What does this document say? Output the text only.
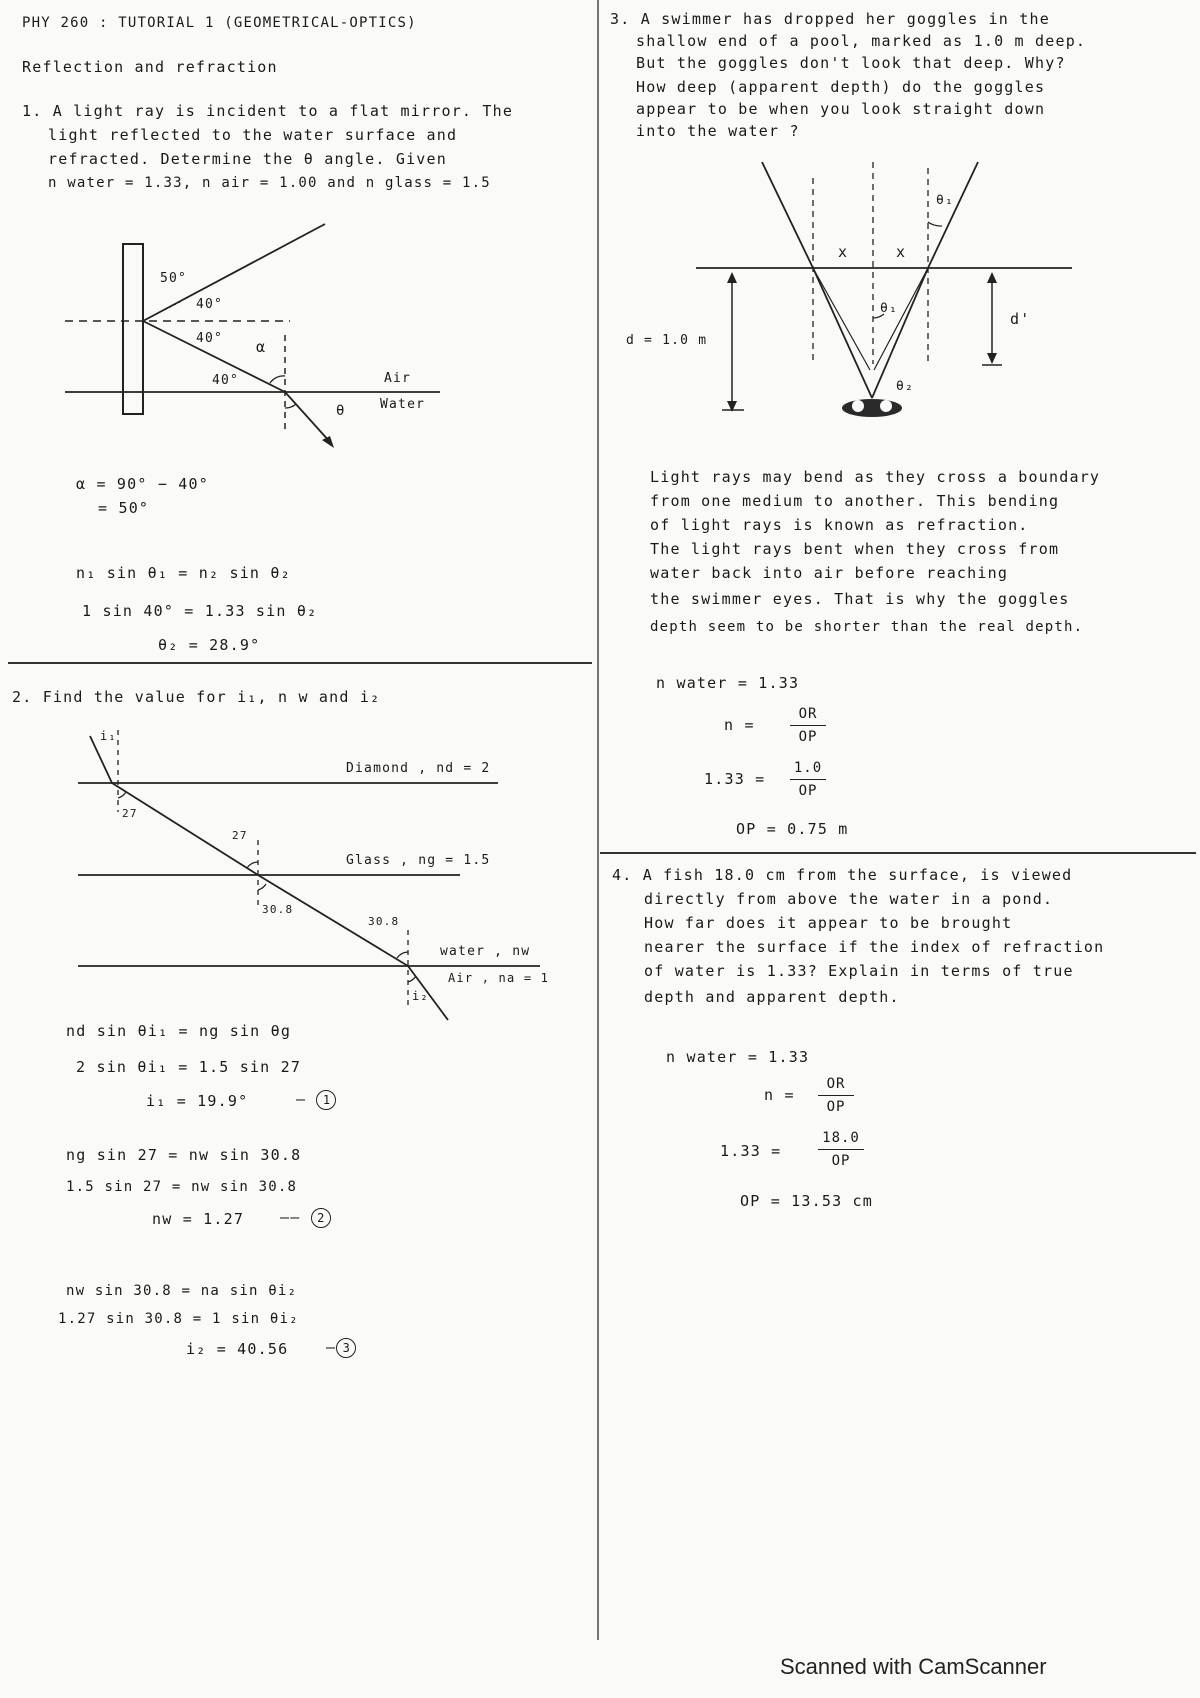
PHY 260 : TUTORIAL 1 (GEOMETRICAL-OPTICS)
Reflection and refraction
1. A light ray is incident to a flat mirror. The
light reflected to the water surface and
refracted. Determine the θ angle. Given
n water = 1.33, n air = 1.00 and n glass = 1.5
50°
40°
40° α
40°
θ
Air
Water
α = 90° − 40°
= 50°
n₁ sin θ₁ = n₂ sin θ₂
1 sin 40° = 1.33 sin θ₂
θ₂ = 28.9°
2. Find the value for i₁, n w and i₂
i₁
27
27
30.8
30.8
i₂
Diamond , nd = 2
Glass , ng = 1.5
water , nw
Air , na = 1
nd sin θi₁ = ng sin θg
2 sin θi₁ = 1.5 sin 27
i₁ = 19.9°	— 1
ng sin 27 = nw sin 30.8
1.5 sin 27 = nw sin 30.8
nw = 1.27 —— 2
nw sin 30.8 = na sin θi₂
1.27 sin 30.8 = 1 sin θi₂
i₂ = 40.56	— 3
3. A swimmer has dropped her goggles in the
shallow end of a pool, marked as 1.0 m deep.
But the goggles don't look that deep. Why?
How deep (apparent depth) do the goggles
appear to be when you look straight down
into the water ?
d = 1.0 m
d'
x	x
θ₁
θ₁
θ₂
Light rays may bend as they cross a boundary
from one medium to another. This bending
of light rays is known as refraction.
The light rays bent when they cross from
water back into air before reaching
the swimmer eyes. That is why the goggles
depth seem to be shorter than the real depth.
n water = 1.33
n =
OR
OP
1.33 =
1.0
OP
OP = 0.75 m
4. A fish 18.0 cm from the surface, is viewed
directly from above the water in a pond.
How far does it appear to be brought
nearer the surface if the index of refraction
of water is 1.33? Explain in terms of true
depth and apparent depth.
n water = 1.33
n =
OR
OP
1.33 =
18.0
OP
OP = 13.53 cm
Scanned with CamScanner
